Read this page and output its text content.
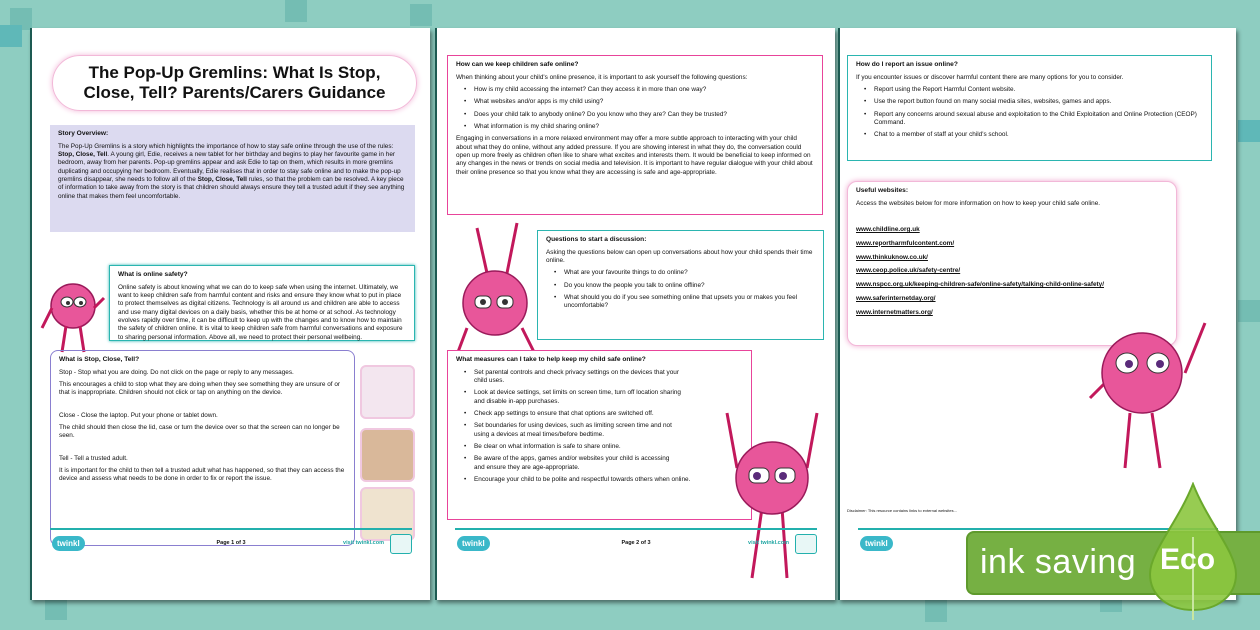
The Pop-Up Gremlins: What Is Stop, Close, Tell? Parents/Carers Guidance
Story Overview:

The Pop-Up Gremlins is a story which highlights the importance of how to stay safe online through the use of the rules: Stop, Close, Tell. A young girl, Edie, receives a new tablet for her birthday and begins to play her favourite game in her bedroom, away from her parents. Pop-up gremlins appear and ask Edie to tap on them, which results in more gremlins duplicating and occupying her bedroom. Eventually, Edie realises that in order to stay safe online and to make the pop-up gremlins disappear, she needs to follow all of the Stop, Close, Tell rules, so that the problem can be resolved. A key piece of information to take away from the story is that children should always ensure they tell a trusted adult if they see anything online that makes them feel uncomfortable.

What is online safety?

Online safety is about knowing what we can do to keep safe when using the internet. Ultimately, we want to keep children safe from harmful content and risks and ensure they know what to put in place to protect themselves as digital citizens. Technology is all around us and children are able to access and use many digital devices on a daily basis, whether this be at home or at school. As technology evolves rapidly over time, it can be difficult to keep up with the changes and to know how to maintain the safety of children online. It is vital to keep children safe from harmful conversations and exposure to sharing personal information. Above all, we need to protect their personal wellbeing.

What is Stop, Close, Tell?

Stop - Stop what you are doing. Do not click on the page or reply to any messages.

This encourages a child to stop what they are doing when they see something they are unsure of or that is inappropriate. Children should not click or tap on anything on the device.

Close - Close the laptop. Put your phone or tablet down.

The child should then close the lid, case or turn the device over so that the screen can no longer be seen.

Tell - Tell a trusted adult.

It is important for the child to then tell a trusted adult what has happened, so that they can access the device and assess what needs to be done in order to fix or report the issue.

twinkl	Page 1 of 3	visit twinkl.com
How can we keep children safe online?

When thinking about your child's online presence, it is important to ask yourself the following questions:

• How is my child accessing the internet? Can they access it in more than one way?
• What websites and/or apps is my child using?
• Does your child talk to anybody online? Do you know who they are? Can they be trusted?
• What information is my child sharing online?

Engaging in conversations in a more relaxed environment may offer a more subtle approach to interacting with your child about what they do online, without any added pressure. If you are showing interest in what they do, the conversation could open up more freely as children often like to share what excites and interests them. It would be beneficial to keep informed on any changes in the news or trends on social media and television. It is important to have regular dialogue with your child about their online presence so that you know what they are accessing is safe and age-appropriate.

Questions to start a discussion:

Asking the questions below can open up conversations about how your child spends their time online.

• What are your favourite things to do online?
• Do you know the people you talk to online offline?
• What should you do if you see something online that upsets you or makes you feel uncomfortable?
What measures can I take to help keep my child safe online?
• Set parental controls and check privacy settings on the devices that your child uses.
• Look at device settings, set limits on screen time, turn off location sharing and disable in-app purchases.
• Check app settings to ensure that chat options are switched off.
• Set boundaries for using devices, such as limiting screen time and not using a devices at meal times/before bedtime.
• Be clear on what information is safe to share online.
• Be aware of the apps, games and/or websites your child is accessing and ensure they are age-appropriate.
• Encourage your child to be polite and respectful towards others when online.
twinkl	Page 2 of 3	visit twinkl.com
How do I report an issue online?

If you encounter issues or discover harmful content there are many options for you to consider.

• Report using the Report Harmful Content website.
• Use the report button found on many social media sites, websites, games and apps.
• Report any concerns around sexual abuse and exploitation to the Child Exploitation and Online Protection (CEOP) Command.
• Chat to a member of staff at your child's school.
Useful websites:

Access the websites below for more information on how to keep your child safe online.

www.childline.org.uk
www.reportharmfulcontent.com/
www.thinkuknow.co.uk/
www.ceop.police.uk/safety-centre/
www.nspcc.org.uk/keeping-children-safe/online-safety/talking-child-online-safety/
www.saferinternetday.org/
www.internetmatters.org/
Disclaimer: This resource contains links to external websites...
twinkl	ink saving Eco
